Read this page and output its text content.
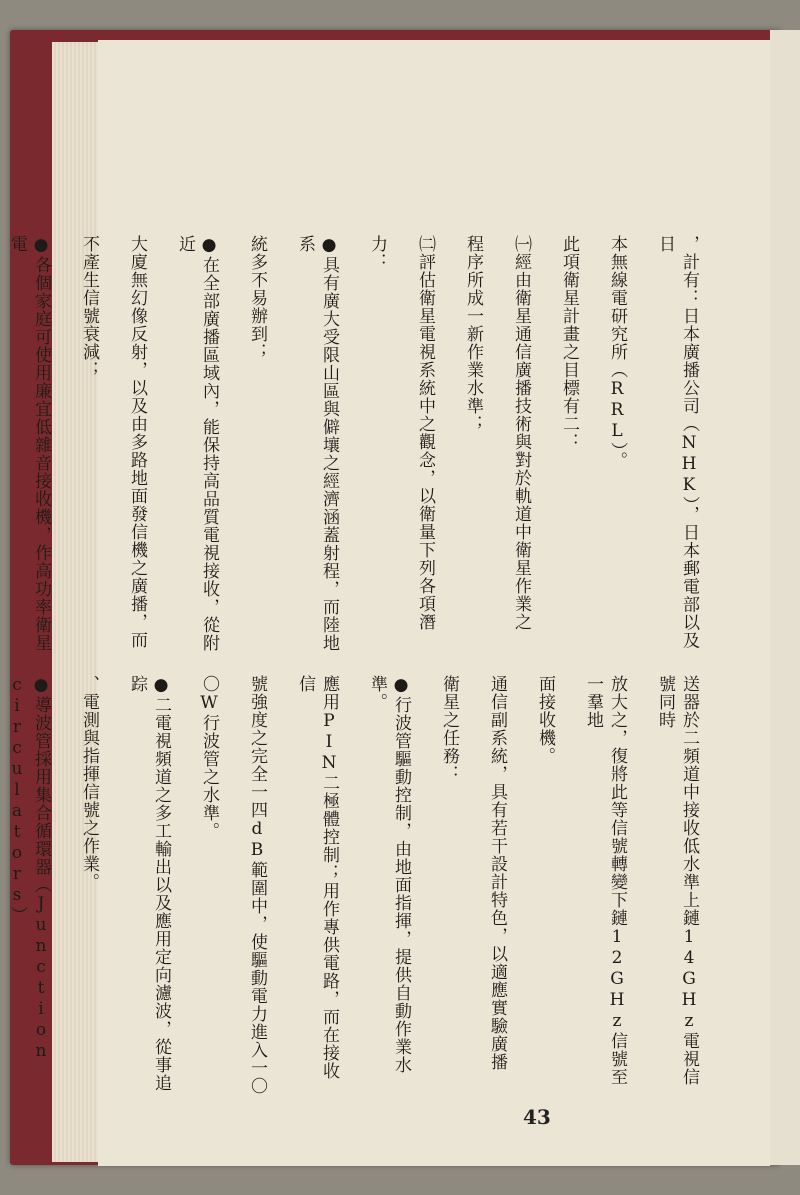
，計有：日本廣播公司（NHK），日本郵電部以及日

本無線電研究所（RRL）。

此項衛星計畫之目標有二：

㈠經由衛星通信廣播技術與對於軌道中衛星作業之

程序所成一新作業水準；

㈡評估衛星電視系統中之觀念，以衛量下列各項潛

力：

●具有廣大受限山區與僻壤之經濟涵蓋射程，而陸地系

統多不易辦到；

●在全部廣播區域內，能保持高品質電視接收，從附近

大廈無幻像反射，以及由多路地面發信機之廣播，而

不產生信號衰減；

●各個家庭可使用廉宜低雜音接收機，作高功率衛星電

送器於二頻道中接收低水準上鏈14GHz電視信號同時

放大之，復將此等信號轉變下鏈12GHz信號至一羣地

面接收機。

通信副系統，具有若干設計特色，以適應實驗廣播

衛星之任務：

●行波管驅動控制，由地面指揮，提供自動作業水準。

應用PIN二極體控制；用作專供電路，而在接收信

號強度之完全一四dB範圍中，使驅動電力進入一〇

〇W行波管之水準。

●二電視頻道之多工輸出以及應用定向濾波，從事追踪

、電測與指揮信號之作業。

●導波管採用集合循環器（Junction circulators）

43
